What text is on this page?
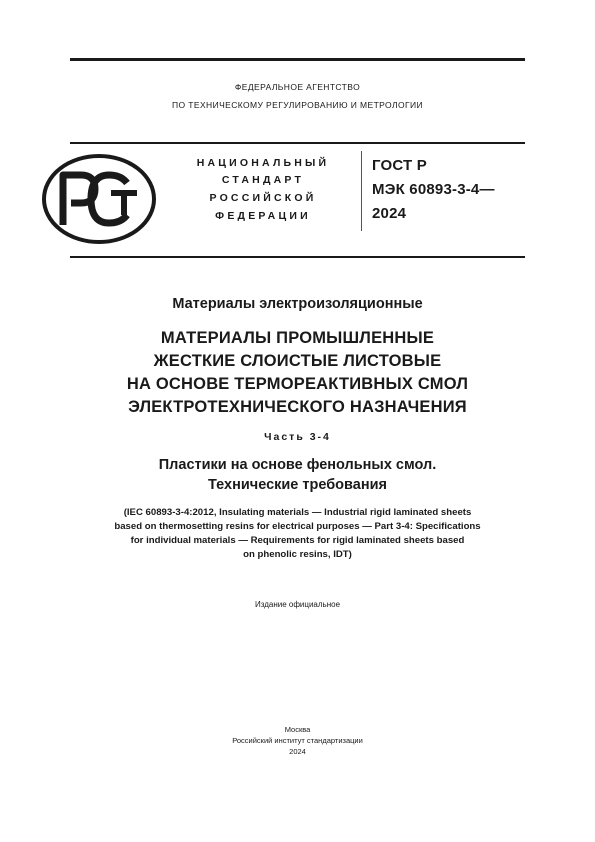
ФЕДЕРАЛЬНОЕ АГЕНТСТВО
ПО ТЕХНИЧЕСКОМУ РЕГУЛИРОВАНИЮ И МЕТРОЛОГИИ
НАЦИОНАЛЬНЫЙ
СТАНДАРТ
РОССИЙСКОЙ
ФЕДЕРАЦИИ
ГОСТ Р
МЭК 60893-3-4—
2024
Материалы электроизоляционные
МАТЕРИАЛЫ ПРОМЫШЛЕННЫЕ
ЖЕСТКИЕ СЛОИСТЫЕ ЛИСТОВЫЕ
НА ОСНОВЕ ТЕРМОРЕАКТИВНЫХ СМОЛ
ЭЛЕКТРОТЕХНИЧЕСКОГО НАЗНАЧЕНИЯ
Часть 3-4
Пластики на основе фенольных смол.
Технические требования
(IEC 60893-3-4:2012, Insulating materials — Industrial rigid laminated sheets
based on thermosetting resins for electrical purposes — Part 3-4: Specifications
for individual materials — Requirements for rigid laminated sheets based
on phenolic resins, IDT)
Издание официальное
Москва
Российский институт стандартизации
2024
